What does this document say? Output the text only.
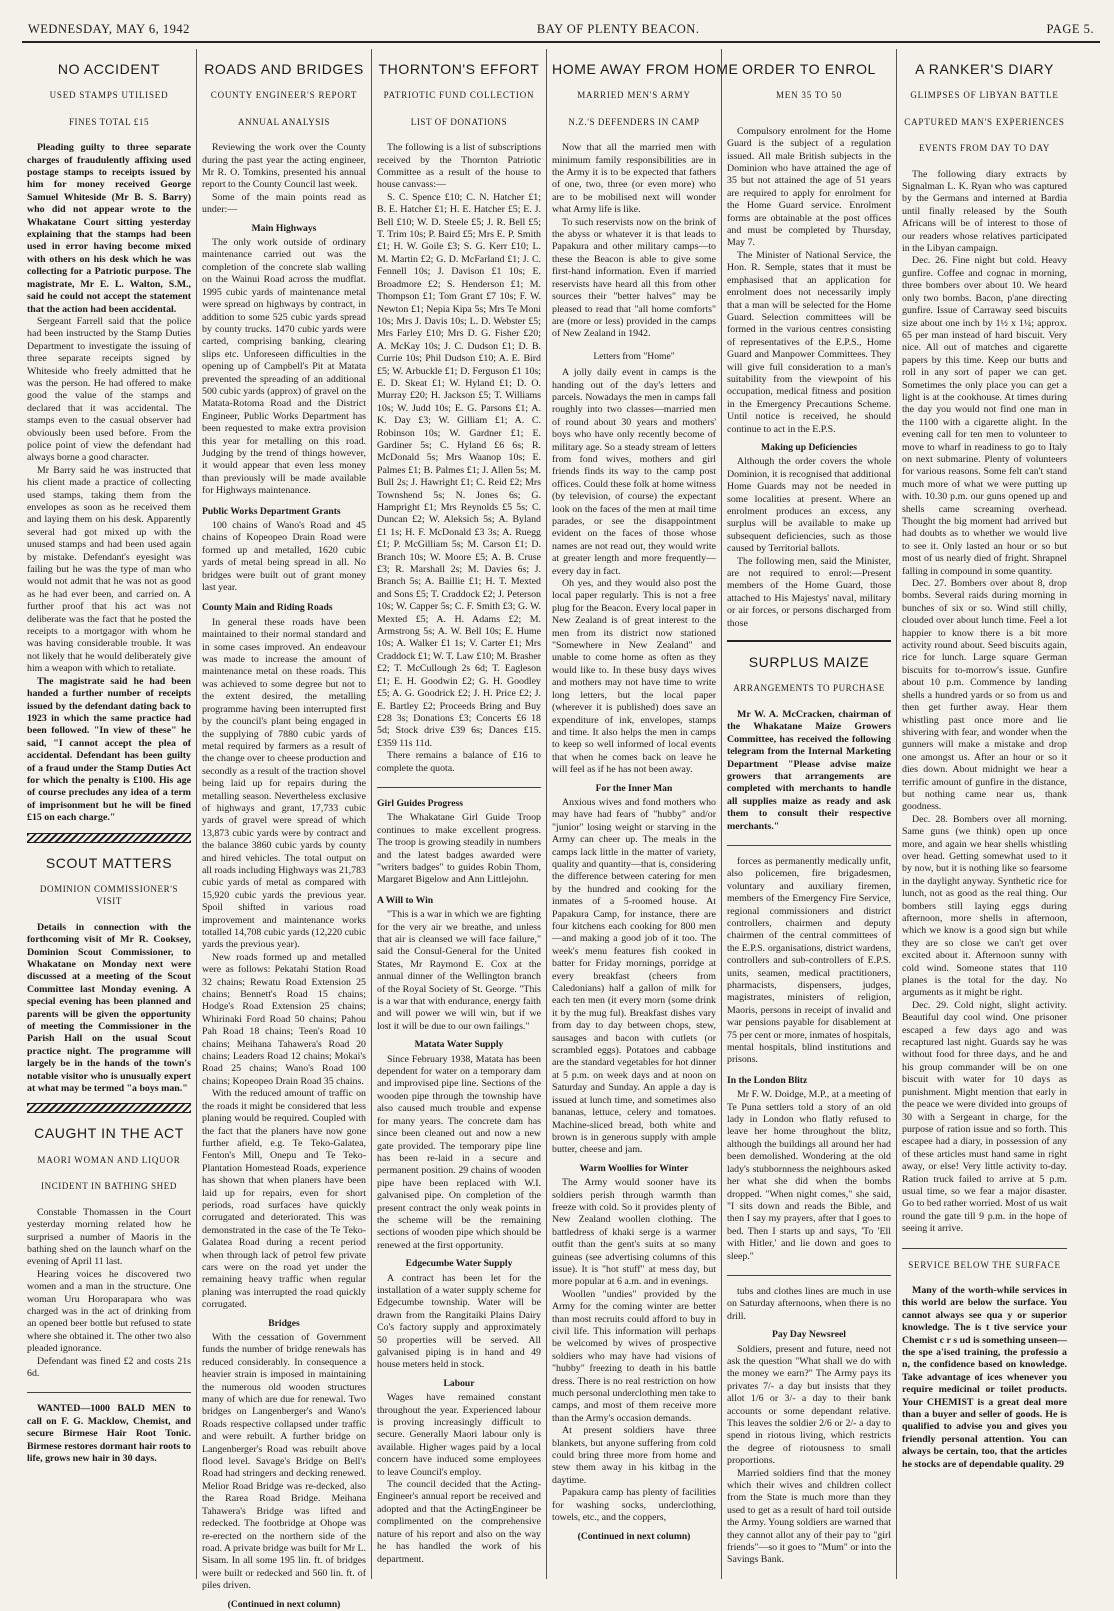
WEDNESDAY, MAY 6, 1942	BAY OF PLENTY BEACON.	PAGE 5.
NO ACCIDENT
USED STAMPS UTILISED
FINES TOTAL £15

Pleading guilty to three separate charges of fraudulently affixing used postage stamps to receipts issued by him for money received George Samuel Whiteside (Mr B. S. Barry) who did not appear wrote to the Whakatane Court sitting yesterday explaining that the stamps had been used in error having become mixed with others on his desk which he was collecting for a Patriotic purpose. The magistrate, Mr E. L. Walton, S.M., said he could not accept the statement that the action had been accidental.

Sergeant Farrell said that the police had been instructed by the Stamp Duties Department to investigate the issuing of three separate receipts signed by Whiteside who freely admitted that he was the person. He had offered to make good the value of the stamps and declared that it was accidental. The stamps even to the casual observer had obviously been used before. From the police point of view the defendant had always borne a good character.

Mr Barry said he was instructed that his client made a practice of collecting used stamps, taking them from the envelopes as soon as he received them and laying them on his desk. Apparently several had got mixed up with the unused stamps and had been used again by mistake. Defendant's eyesight was failing but he was the type of man who would not admit that he was not as good as he had ever been, and carried on. A further proof that his act was not deliberate was the fact that he posted the receipts to a mortgagor with whom he was having considerable trouble. It was not likely that he would deliberately give him a weapon with which to retaliate.

The magistrate said he had been handed a further number of receipts issued by the defendant dating back to 1923 in which the same practice had been followed. "In view of these" he said, "I cannot accept the plea of accidental. Defendant has been guilty of a fraud under the Stamp Duties Act for which the penalty is £100. His age of course precludes any idea of a term of imprisonment but he will be fined £15 on each charge."

SCOUT MATTERS
DOMINION COMMISSIONER'S VISIT

Details in connection with the forthcoming visit of Mr R. Cooksey, Dominion Scout Commissioner, to Whakatane on Monday next were discussed at a meeting of the Scout Committee last Monday evening. A special evening has been planned and parents will be given the opportunity of meeting the Commissioner in the Parish Hall on the usual Scout practice night. The programme will largely be in the hands of the town's notable visitor who is unusually expert at what may be termed "a boys man."

CAUGHT IN THE ACT
MAORI WOMAN AND LIQUOR
INCIDENT IN BATHING SHED

Constable Thomassen in the Court yesterday morning related how he surprised a number of Maoris in the bathing shed on the launch wharf on the evening of April 11 last.

Hearing voices he discovered two women and a man in the structure. One woman Uru Horoparapara who was charged was in the act of drinking from an opened beer bottle but refused to state where she obtained it. The other two also pleaded ignorance.

Defendant was fined £2 and costs 21s 6d.

WANTED—1000 BALD MEN to call on F. G. Macklow, Chemist, and secure Birmese Hair Root Tonic. Birmese restores dormant hair roots to life, grows new hair in 30 days.

ROADS AND BRIDGES
COUNTY ENGINEER'S REPORT
ANNUAL ANALYSIS

Reviewing the work over the County during the past year the acting engineer, Mr R. O. Tomkins, presented his annual report to the County Council last week.

Some of the main points read as under:—

Main Highways

The only work outside of ordinary maintenance carried out was the completion of the concrete slab walling on the Wainui Road across the mudflat. 1995 cubic yards of maintenance metal were spread on highways by contract, in addition to some 525 cubic yards spread by county trucks. 1470 cubic yards were carted, comprising banking, clearing slips etc. Unforeseen difficulties in the opening up of Campbell's Pit at Matata prevented the spreading of an additional 500 cubic yards (approx) of gravel on the Matata-Rotoma Road and the District Engineer, Public Works Department has been requested to make extra provision this year for metalling on this road. Judging by the trend of things however, it would appear that even less money than previously will be made available for Highways maintenance.

Public Works Department Grants

100 chains of Wano's Road and 45 chains of Kopeopeo Drain Road were formed up and metalled, 1620 cubic yards of metal being spread in all. No bridges were built out of grant money last year.

County Main and Riding Roads

In general these roads have been maintained to their normal standard and in some cases improved. An endeavour was made to increase the amount of maintenance metal on these roads. This was achieved to some degree but not to the extent desired, the metalling programme having been interrupted first by the council's plant being engaged in the supplying of 7880 cubic yards of metal required by farmers as a result of the change over to cheese production and secondly as a result of the traction shovel being laid up for repairs during the metalling season. Nevertheless exclusive of highways and grant, 17,733 cubic yards of gravel were spread of which 13,873 cubic yards were by contract and the balance 3860 cubic yards by county and hired vehicles. The total output on all roads including Highways was 21,783 cubic yards of metal as compared with 15,920 cubic yards the previous year. Spoil shifted in various road improvement and maintenance works totalled 14,708 cubic yards (12,220 cubic yards the previous year).

New roads formed up and metalled were as follows: Pekatahi Station Road 32 chains; Rewatu Road Extension 25 chains; Bennett's Road 15 chains; Hodge's Road Extension 25 chains; Whirinaki Ford Road 50 chains; Pahou Pah Road 18 chains; Teen's Road 10 chains; Meihana Tahawera's Road 20 chains; Leaders Road 12 chains; Mokai's Road 25 chains; Wano's Road 100 chains; Kopeopeo Drain Road 35 chains.

With the reduced amount of traffic on the roads it might be considered that less planing would be required. Coupled with the fact that the planers have now gone further afield, e.g. Te Teko-Galatea, Fenton's Mill, Onepu and Te Teko-Plantation Homestead Roads, experience has shown that when planers have been laid up for repairs, even for short periods, road surfaces have quickly corrugated and deteriorated. This was demonstrated in the case of the Te Teko-Galatea Road during a recent period when through lack of petrol few private cars were on the road yet under the remaining heavy traffic when regular planing was interrupted the road quickly corrugated.

Bridges

With the cessation of Government funds the number of bridge renewals has reduced considerably. In consequence a heavier strain is imposed in maintaining the numerous old wooden structures many of which are due for renewal. Two bridges on Langenberger's and Wano's Roads respective collapsed under traffic and were rebuilt. A further bridge on Langenberger's Road was rebuilt above flood level. Savage's Bridge on Bell's Road had stringers and decking renewed. Melior Road Bridge was re-decked, also the Rarea Road Bridge. Meihana Tahawera's Bridge was lifted and redecked. The footbridge at Ohope was re-erected on the northern side of the road. A private bridge was built for Mr L. Sisam. In all some 195 lin. ft. of bridges were built or redecked and 560 lin. ft. of piles driven.

(Continued in next column)
THORNTON'S EFFORT
PATRIOTIC FUND COLLECTION
LIST OF DONATIONS

The following is a list of subscriptions received by the Thornton Patriotic Committee as a result of the house to house canvass:—

S. C. Spence £10; C. N. Hatcher £1; B. E. Hatcher £1; H. E. Hatcher £5; E. J. Bell £10; W. D. Steele £5; J. R. Bell £5; T. Trim 10s; P. Baird £5; Mrs E. P. Smith £1; H. W. Goile £3; S. G. Kerr £10; L. M. Martin £2; G. D. McFarland £1; J. C. Fennell 10s; J. Davison £1 10s; E. Broadmore £2; S. Henderson £1; M. Thompson £1; Tom Grant £7 10s; F. W. Newton £1; Nepia Kipa 5s; Mrs Te Moni 10s; Mrs J. Davis 10s; L. D. Webster £5; Mrs Farley £10; Mrs D. G. Fisher £20; A. McKay 10s; J. C. Dudson £1; D. B. Currie 10s; Phil Dudson £10; A. E. Bird £5; W. Arbuckle £1; D. Ferguson £1 10s; E. D. Skeat £1; W. Hyland £1; D. O. Murray £20; H. Jackson £5; T. Williams 10s; W. Judd 10s; E. G. Parsons £1; A. K. Day £3; W. Gilliam £1; A. C. Robinson 10s; W. Gardner £1; E. Gardiner 5s; C. Hyland £6 6s; R. McDonald 5s; Mrs Waanop 10s; E. Palmes £1; B. Palmes £1; J. Allen 5s; M. Bull 2s; J. Hawright £1; C. Reid £2; Mrs Townshend 5s; N. Jones 6s; G. Hampright £1; Mrs Reynolds £5 5s; C. Duncan £2; W. Aleksich 5s; A. Byland £1 1s; H. F. McDonald £3 3s; A. Ruegg £1; P. McGilliam 5s; M. Carson £1; D. Branch 10s; W. Moore £5; A. B. Cruse £3; R. Marshall 2s; M. Davies 6s; J. Branch 5s; A. Baillie £1; H. T. Mexted and Sons £5; T. Craddock £2; J. Peterson 10s; W. Capper 5s; C. F. Smith £3; G. W. Mexted £5; A. H. Adams £2; M. Armstrong 5s; A. W. Bell 10s; E. Hume 10s; A. Walker £1 1s; V. Carter £1; Mrs Craddock £1; W. T. Law £10; M. Brasher £2; T. McCullough 2s 6d; T. Eagleson £1; E. H. Goodwin £2; G. H. Goodley £5; A. G. Goodrick £2; J. H. Price £2; J. E. Bartley £2; Proceeds Bring and Buy £28 3s; Donations £3; Concerts £6 18 5d; Stock drive £39 6s; Dances £15. £359 11s 11d.

There remains a balance of £16 to complete the quota.

Girl Guides Progress

The Whakatane Girl Guide Troop continues to make excellent progress. The troop is growing steadily in numbers and the latest badges awarded were "writers badges" to guides Robin Thom, Margaret Bigelow and Ann Littlejohn.

A Will to Win

"This is a war in which we are fighting for the very air we breathe, and unless that air is cleansed we will face failure," said the Consul-General for the United States, Mr Raymond E. Cox at the annual dinner of the Wellington branch of the Royal Society of St. George. "This is a war that with endurance, energy faith and will power we will win, but if we lost it will be due to our own failings."

Matata Water Supply

Since February 1938, Matata has been dependent for water on a temporary dam and improvised pipe line. Sections of the wooden pipe through the township have also caused much trouble and expense for many years. The concrete dam has since been cleaned out and now a new gate provided. The temporary pipe line has been re-laid in a secure and permanent position. 29 chains of wooden pipe have been replaced with W.I. galvanised pipe. On completion of the present contract the only weak points in the scheme will be the remaining sections of wooden pipe which should be renewed at the first opportunity.

Edgecumbe Water Supply

A contract has been let for the installation of a water supply scheme for Edgecumbe township. Water will be drawn from the Rangitaiki Plains Dairy Co's factory supply and approximately 50 properties will be served. All galvanised piping is in hand and 49 house meters held in stock.

Labour

Wages have remained constant throughout the year. Experienced labour is proving increasingly difficult to secure. Generally Maori labour only is available. Higher wages paid by a local concern have induced some employees to leave Council's employ.

The council decided that the Acting-Engineer's annual report be received and adopted and that the ActingEngineer be complimented on the comprehensive nature of his report and also on the way he has handled the work of his department.

HOME AWAY FROM HOME
MARRIED MEN'S ARMY
N.Z.'S DEFENDERS IN CAMP

Now that all the married men with minimum family responsibilities are in the Army it is to be expected that fathers of one, two, three (or even more) who are to be mobilised next will wonder what Army life is like.

To such reservists now on the brink of the abyss or whatever it is that leads to Papakura and other military camps—to these the Beacon is able to give some first-hand information. Even if married reservists have heard all this from other sources their "better halves" may be pleased to read that "all home comforts" are (more or less) provided in the camps of New Zealand in 1942.

Letters from "Home"

A jolly daily event in camps is the handing out of the day's letters and parcels. Nowadays the men in camps fall roughly into two classes—married men of round about 30 years and mothers' boys who have only recently become of military age. So a steady stream of letters from fond wives, mothers and girl friends finds its way to the camp post offices. Could these folk at home witness (by television, of course) the expectant look on the faces of the men at mail time parades, or see the disappointment evident on the faces of those whose names are not read out, they would write at greater length and more frequently—every day in fact.

Oh yes, and they would also post the local paper regularly. This is not a free plug for the Beacon. Every local paper in New Zealand is of great interest to the men from its district now stationed "Somewhere in New Zealand" and unable to come home as often as they would like to. In these busy days wives and mothers may not have time to write long letters, but the local paper (wherever it is published) does save an expenditure of ink, envelopes, stamps and time. It also helps the men in camps to keep so well informed of local events that when he comes back on leave he will feel as if he has not been away.

For the Inner Man

Anxious wives and fond mothers who may have had fears of "hubby" and/or "junior" losing weight or starving in the Army can cheer up. The meals in the camps lack little in the matter of variety, quality and quantity—that is, considering the difference between catering for men by the hundred and cooking for the inmates of a 5-roomed house. At Papakura Camp, for instance, there are four kitchens each cooking for 800 men—and making a good job of it too. The week's menu features fish cooked in batter for Friday mornings, porridge at every breakfast (cheers from Caledonians) half a gallon of milk for each ten men (it every morn (some drink it by the mug ful). Breakfast dishes vary from day to day between chops, stew, sausages and bacon with cutlets (or scrambled eggs). Potatoes and cabbage are the standard vegetables for hot dinner at 5 p.m. on week days and at noon on Saturday and Sunday. An apple a day is issued at lunch time, and sometimes also bananas, lettuce, celery and tomatoes. Machine-sliced bread, both white and brown is in generous supply with ample butter, cheese and jam.

Warm Woollies for Winter

The Army would sooner have its soldiers perish through warmth than freeze with cold. So it provides plenty of New Zealand woollen clothing. The battledress of khaki serge is a warmer outfit than the gent's suits at so many guineas (see advertising columns of this issue). It is "hot stuff" at mess day, but more popular at 6 a.m. and in evenings.

Woollen "undies" provided by the Army for the coming winter are better than most recruits could afford to buy in civil life. This information will perhaps be welcomed by wives of prospective soldiers who may have had visions of "hubby" freezing to death in his battle dress. There is no real restriction on how much personal underclothing men take to camps, and most of them receive more than the Army's occasion demands.

At present soldiers have three blankets, but anyone suffering from cold could bring three more from home and stew them away in his kitbag in the daytime.

Papakura camp has plenty of facilities for washing socks, underclothing, towels, etc., and the coppers,

(Continued in next column)
ORDER TO ENROL
MEN 35 TO 50

Compulsory enrolment for the Home Guard is the subject of a regulation issued. All male British subjects in the Dominion who have attained the age of 35 but not attained the age of 51 years are required to apply for enrolment for the Home Guard service. Enrolment forms are obtainable at the post offices and must be completed by Thursday, May 7.

The Minister of National Service, the Hon. R. Semple, states that it must be emphasised that an application for enrolment does not necessarily imply that a man will be selected for the Home Guard. Selection committees will be formed in the various centres consisting of representatives of the E.P.S., Home Guard and Manpower Committees. They will give full consideration to a man's suitability from the viewpoint of his occupation, medical fitness and position in the Emergency Precautions Scheme. Until notice is received, he should continue to act in the E.P.S.

Making up Deficiencies

Although the order covers the whole Dominion, it is recognised that additional Home Guards may not be needed in some localities at present. Where an enrolment produces an excess, any surplus will be available to make up subsequent deficiencies, such as those caused by Territorial ballots.

The following men, said the Minister, are not required to enrol:—Present members of the Home Guard, those attached to His Majestys' naval, military or air forces, or persons discharged from those

SURPLUS MAIZE
ARRANGEMENTS TO PURCHASE

Mr W. A. McCracken, chairman of the Whakatane Maize Growers Committee, has received the following telegram from the Internal Marketing Department "Please advise maize growers that arrangements are completed with merchants to handle all supplies maize as ready and ask them to consult their respective merchants."

forces as permanently medically unfit, also policemen, fire brigadesmen, voluntary and auxiliary firemen, members of the Emergency Fire Service, regional commissioners and district controllers, chairmen and deputy chairmen of the central committees of the E.P.S. organisations, district wardens, controllers and sub-controllers of E.P.S. units, seamen, medical practitioners, pharmacists, dispensers, judges, magistrates, ministers of religion, Maoris, persons in receipt of invalid and war pensions payable for disablement at 75 per cent or more, inmates of hospitals, mental hospitals, blind institutions and prisons.

In the London Blitz

Mr F. W. Doidge, M.P., at a meeting of Te Puna settlers told a story of an old lady in London who flatly refused to leave her home throughout the blitz, although the buildings all around her had been demolished. Wondering at the old lady's stubbornness the neighbours asked her what she did when the bombs dropped. "When night comes," she said, "I sits down and reads the Bible, and then I say my prayers, after that I goes to bed. Then I starts up and says, 'To 'Ell with Hitler,' and lie down and goes to sleep."

tubs and clothes lines are much in use on Saturday afternoons, when there is no drill.

Pay Day Newsreel

Soldiers, present and future, need not ask the question "What shall we do with the money we earn?" The Army pays its privates 7/- a day but insists that they allot 1/6 or 3/- a day to their bank accounts or some dependant relative. This leaves the soldier 2/6 or 2/- a day to spend in riotous living, which restricts the degree of riotousness to small proportions.

Married soldiers find that the money which their wives and children collect from the State is much more than they used to get as a result of hard toil outside the Army. Young soldiers are warned that they cannot allot any of their pay to "girl friends"—so it goes to "Mum" or into the Savings Bank.

A RANKER'S DIARY
GLIMPSES OF LIBYAN BATTLE
CAPTURED MAN'S EXPERIENCES
EVENTS FROM DAY TO DAY

The following diary extracts by Signalman L. K. Ryan who was captured by the Germans and interned at Bardia until finally released by the South Africans will be of interest to those of our readers whose relatives participated in the Libyan campaign.

Dec. 26. Fine night but cold. Heavy gunfire. Coffee and cognac in morning, three bombers over about 10. We heard only two bombs. Bacon, p'ane directing gunfire. Issue of Carraway seed biscuits size about one inch by 1½ x 1¼; approx. 65 per man instead of hard biscuit. Very nice. All out of matches and cigarette papers by this time. Keep our butts and roll in any sort of paper we can get. Sometimes the only place you can get a light is at the cookhouse. At times during the day you would not find one man in the 1100 with a cigarette alight. In the evening call for ten men to volunteer to move to wharf in readiness to go to Italy on next submarine. Plenty of volunteers for various reasons. Some felt can't stand much more of what we were putting up with. 10.30 p.m. our guns opened up and shells came screaming overhead. Thought the big moment had arrived but had doubts as to whether we would live to see it. Only lasted an hour or so but most of us nearly died of fright. Shrapnel falling in compound in some quantity.

Dec. 27. Bombers over about 8, drop bombs. Several raids during morning in bunches of six or so. Wind still chilly, clouded over about lunch time. Feel a lot happier to know there is a bit more activity round about. Seed biscuits again, rice for lunch. Large square German biscuits for to-morrow's issue. Gunfire about 10 p.m. Commence by landing shells a hundred yards or so from us and then get further away. Hear them whistling past once more and lie shivering with fear, and wonder when the gunners will make a mistake and drop one amongst us. After an hour or so it dies down. About midnight we hear a terrific amount of gunfire in the distance, but nothing came near us, thank goodness.

Dec. 28. Bombers over all morning. Same guns (we think) open up once more, and again we hear shells whistling over head. Getting somewhat used to it by now, but it is nothing like so fearsome in the daylight anyway. Synthetic rice for lunch, not as good as the real thing. Our bombers still laying eggs during afternoon, more shells in afternoon, which we know is a good sign but while they are so close we can't get over excited about it. Afternoon sunny with cold wind. Someone states that 110 planes is the total for the day. No arguments as it might be right.

Dec. 29. Cold night, slight activity. Beautiful day cool wind. One prisoner escaped a few days ago and was recaptured last night. Guards say he was without food for three days, and he and his group commander will be on one biscuit with water for 10 days as punishment. Might mention that early in the peace we were divided into groups of 30 with a Sergeant in charge, for the purpose of ration issue and so forth. This escapee had a diary, in possession of any of these articles must hand same in right away, or else! Very little activity to-day. Ration truck failed to arrive at 5 p.m. usual time, so we fear a major disaster. Go to bed rather worried. Most of us wait round the gate till 9 p.m. in the hope of seeing it arrive.

SERVICE BELOW THE SURFACE

Many of the worth-while services in this world are below the surface. You cannot always see qua y or superior knowledge. The is t tive service your Chemist c r s ud is something unseen—the spe a'ised training, the professio a n, the confidence based on knowledge. Take advantage of ices whenever you require medicinal or toilet products. Your CHEMIST is a great deal more than a buyer and seller of goods. He is qualified to advise you and gives you friendly personal attention. You can always be certain, too, that the articles he stocks are of dependable quality. 29
